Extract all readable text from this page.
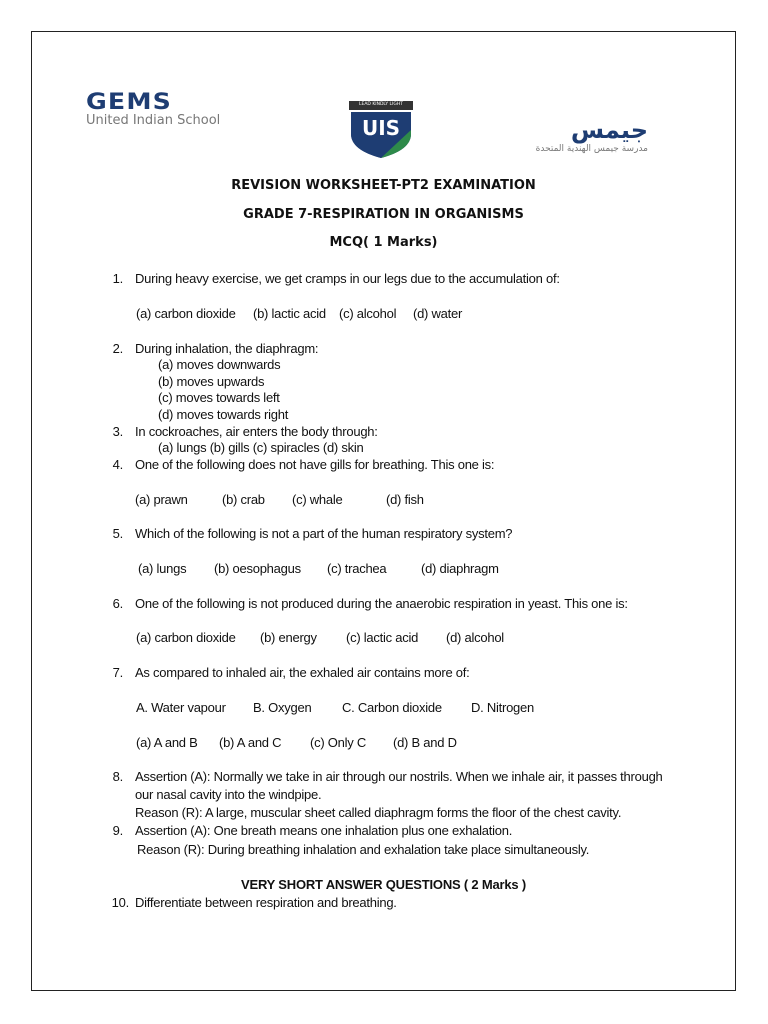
GEMS
United Indian School
LEAD KINDLY LIGHT
UIS	جيمس
مدرسة جيمس الهندية المتحدة
REVISION WORKSHEET-PT2 EXAMINATION
GRADE 7-RESPIRATION IN ORGANISMS
MCQ( 1 Marks)
1. During heavy exercise, we get cramps in our legs due to the accumulation of:
(a) carbon dioxide (b) lactic acid (c) alcohol (d) water
2. During inhalation, the diaphragm:
(a) moves downwards
(b) moves upwards
(c) moves towards left
(d) moves towards right
3. In cockroaches, air enters the body through:
(a) lungs (b) gills (c) spiracles (d) skin
4. One of the following does not have gills for breathing. This one is:
(a) prawn	(b) crab (c) whale	(d) fish
5. Which of the following is not a part of the human respiratory system?
(a) lungs (b) oesophagus (c) trachea	(d) diaphragm
6. One of the following is not produced during the anaerobic respiration in yeast. This one is:
(a) carbon dioxide (b) energy (c) lactic acid (d) alcohol
7. As compared to inhaled air, the exhaled air contains more of:
A. Water vapour B. Oxygen C. Carbon dioxide D. Nitrogen
(a) A and B (b) A and C (c) Only C (d) B and D
8. Assertion (A): Normally we take in air through our nostrils. When we inhale air, it passes through
our nasal cavity into the windpipe.
Reason (R): A large, muscular sheet called diaphragm forms the floor of the chest cavity.
9. Assertion (A): One breath means one inhalation plus one exhalation.
Reason (R): During breathing inhalation and exhalation take place simultaneously.
VERY SHORT ANSWER QUESTIONS ( 2 Marks )
10. Differentiate between respiration and breathing.
